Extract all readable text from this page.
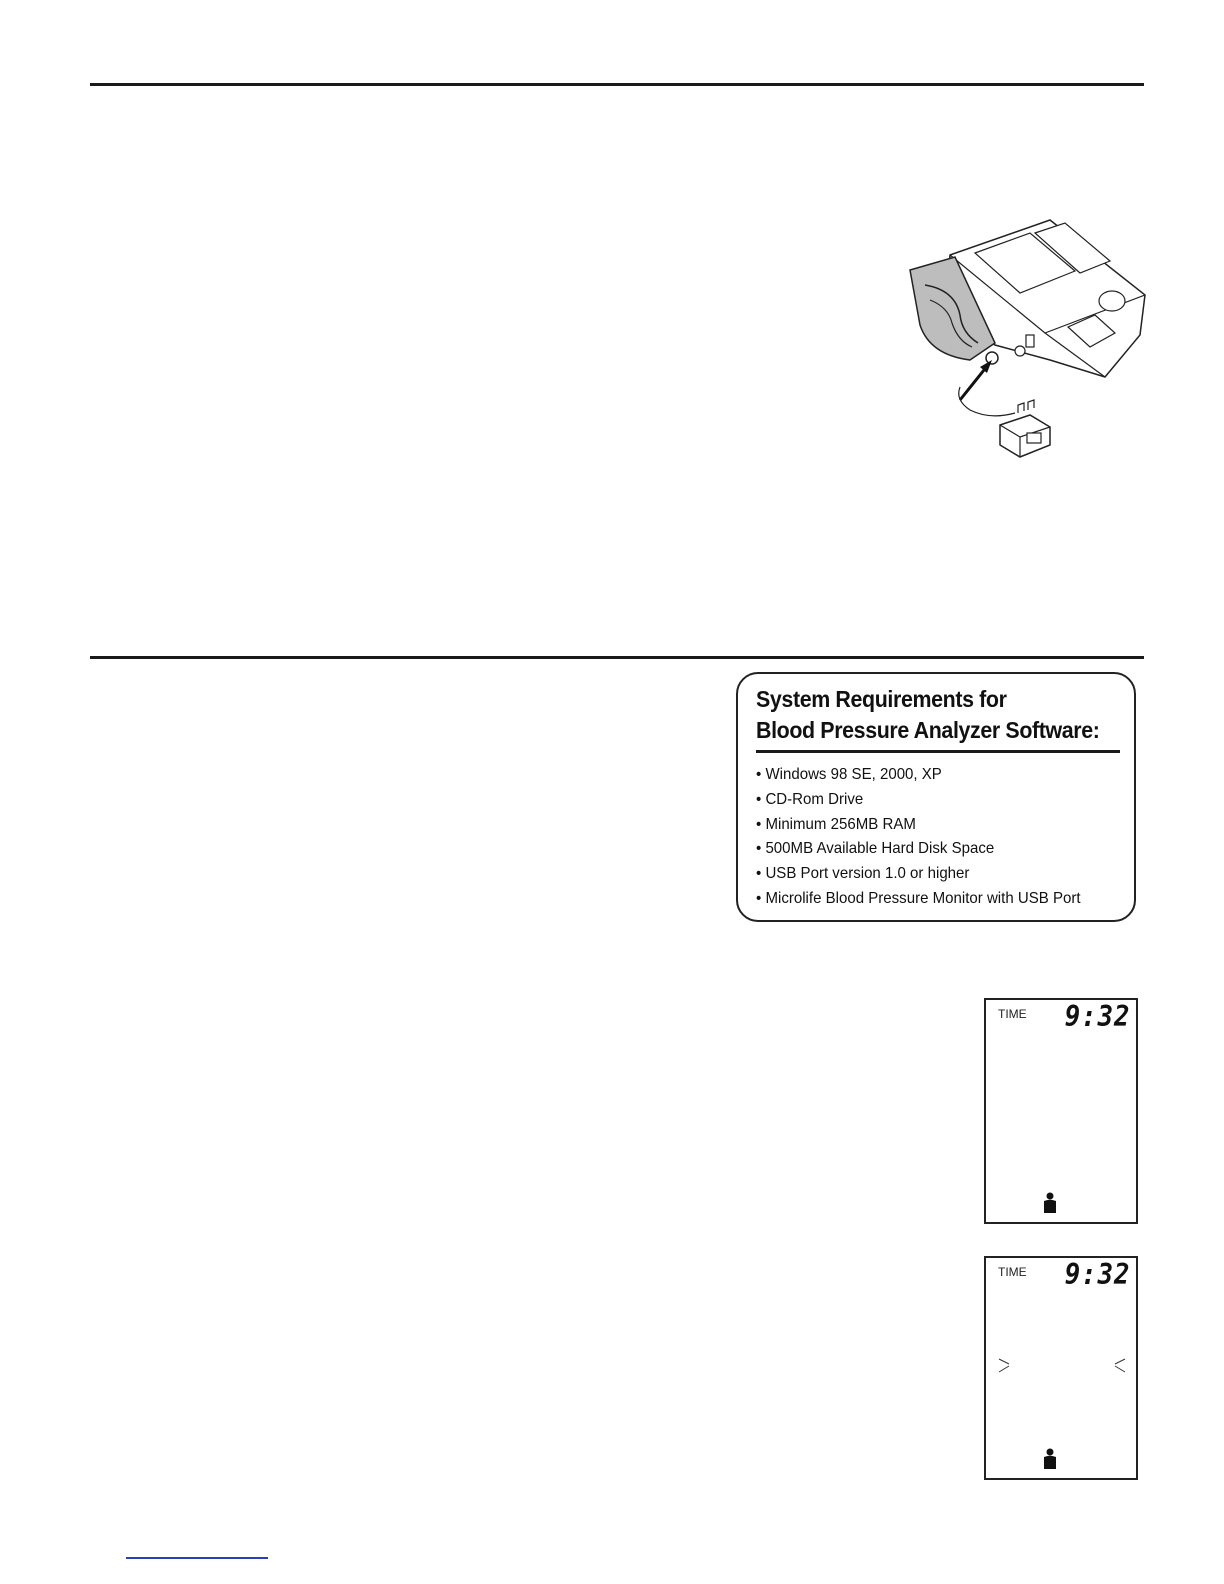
System Requirements for
Blood Pressure Analyzer Software:
• Windows 98 SE, 2000, XP
• CD-Rom Drive
• Minimum 256MB RAM
• 500MB Available Hard Disk Space
• USB Port version 1.0 or higher
• Microlife Blood Pressure Monitor with USB Port
TIME 9:32
TIME 9:32
